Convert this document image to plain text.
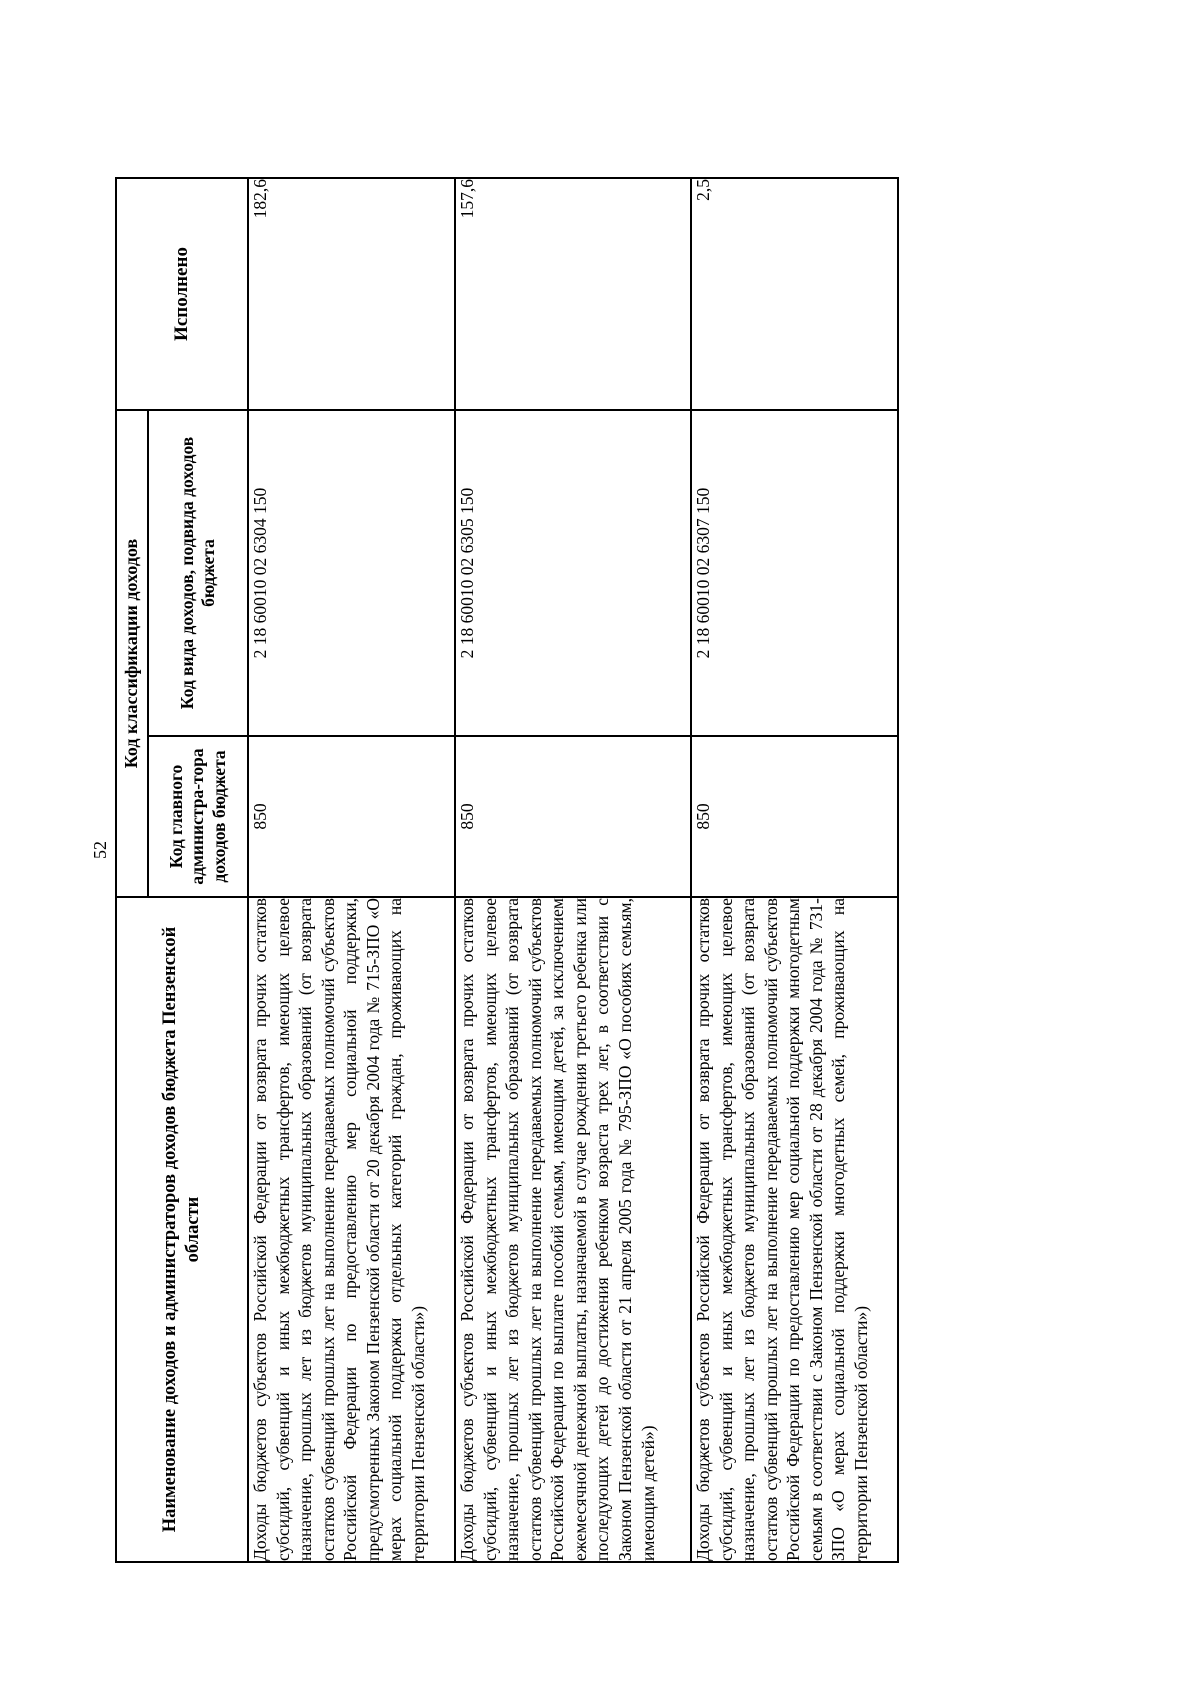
52
Наименование доходов и администраторов доходов бюджета Пензенской области	Код классификации доходов		Исполнено
	Код главного администра-тора доходов бюджета	Код вида доходов, подвида доходов бюджета	
Доходы бюджетов субъектов Российской Федерации от возврата прочих остатков субсидий, субвенций и иных межбюджетных трансфертов, имеющих целевое назначение, прошлых лет из бюджетов муниципальных образований (от возврата остатков субвенций прошлых лет на выполнение передаваемых полномочий субъектов Российской Федерации по предоставлению мер социальной поддержки, предусмотренных Законом Пензенской области от 20 декабря 2004 года № 715-ЗПО «О мерах социальной поддержки отдельных категорий граждан, проживающих на территории Пензенской области»)	850	2 18 60010 02 6304 150	182,6
Доходы бюджетов субъектов Российской Федерации от возврата прочих остатков субсидий, субвенций и иных межбюджетных трансфертов, имеющих целевое назначение, прошлых лет из бюджетов муниципальных образований (от возврата остатков субвенций прошлых лет на выполнение передаваемых полномочий субъектов Российской Федерации по выплате пособий семьям, имеющим детей, за исключением ежемесячной денежной выплаты, назначаемой в случае рождения третьего ребенка или последующих детей до достижения ребенком возраста трех лет, в соответствии с Законом Пензенской области от 21 апреля 2005 года № 795-ЗПО «О пособиях семьям, имеющим детей»)	850	2 18 60010 02 6305 150	157,6
Доходы бюджетов субъектов Российской Федерации от возврата прочих остатков субсидий, субвенций и иных межбюджетных трансфертов, имеющих целевое назначение, прошлых лет из бюджетов муниципальных образований (от возврата остатков субвенций прошлых лет на выполнение передаваемых полномочий субъектов Российской Федерации по предоставлению мер социальной поддержки многодетным семьям в соответствии с Законом Пензенской области от 28 декабря 2004 года № 731-ЗПО «О мерах социальной поддержки многодетных семей, проживающих на территории Пензенской области»)	850	2 18 60010 02 6307 150	2,5
